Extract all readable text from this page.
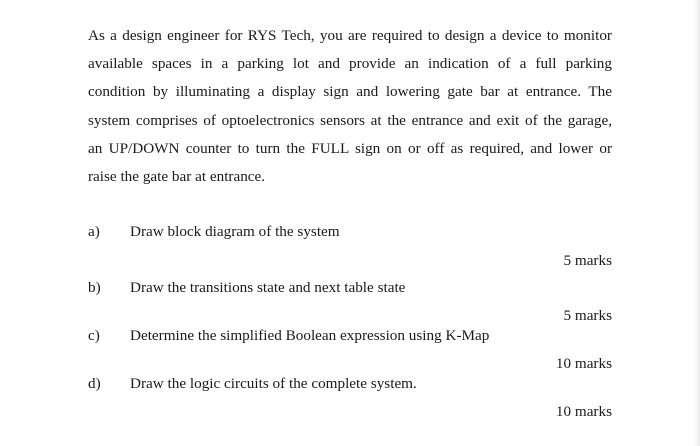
As a design engineer for RYS Tech, you are required to design a device to monitor
available spaces in a parking lot and provide an indication of a full parking
condition by illuminating a display sign and lowering gate bar at entrance. The
system comprises of optoelectronics sensors at the entrance and exit of the garage,
an UP/DOWN counter to turn the FULL sign on or off as required, and lower or
raise the gate bar at entrance.
a) Draw block diagram of the system
5 marks
b) Draw the transitions state and next table state
5 marks
c) Determine the simplified Boolean expression using K-Map
10 marks
d) Draw the logic circuits of the complete system.
10 marks
